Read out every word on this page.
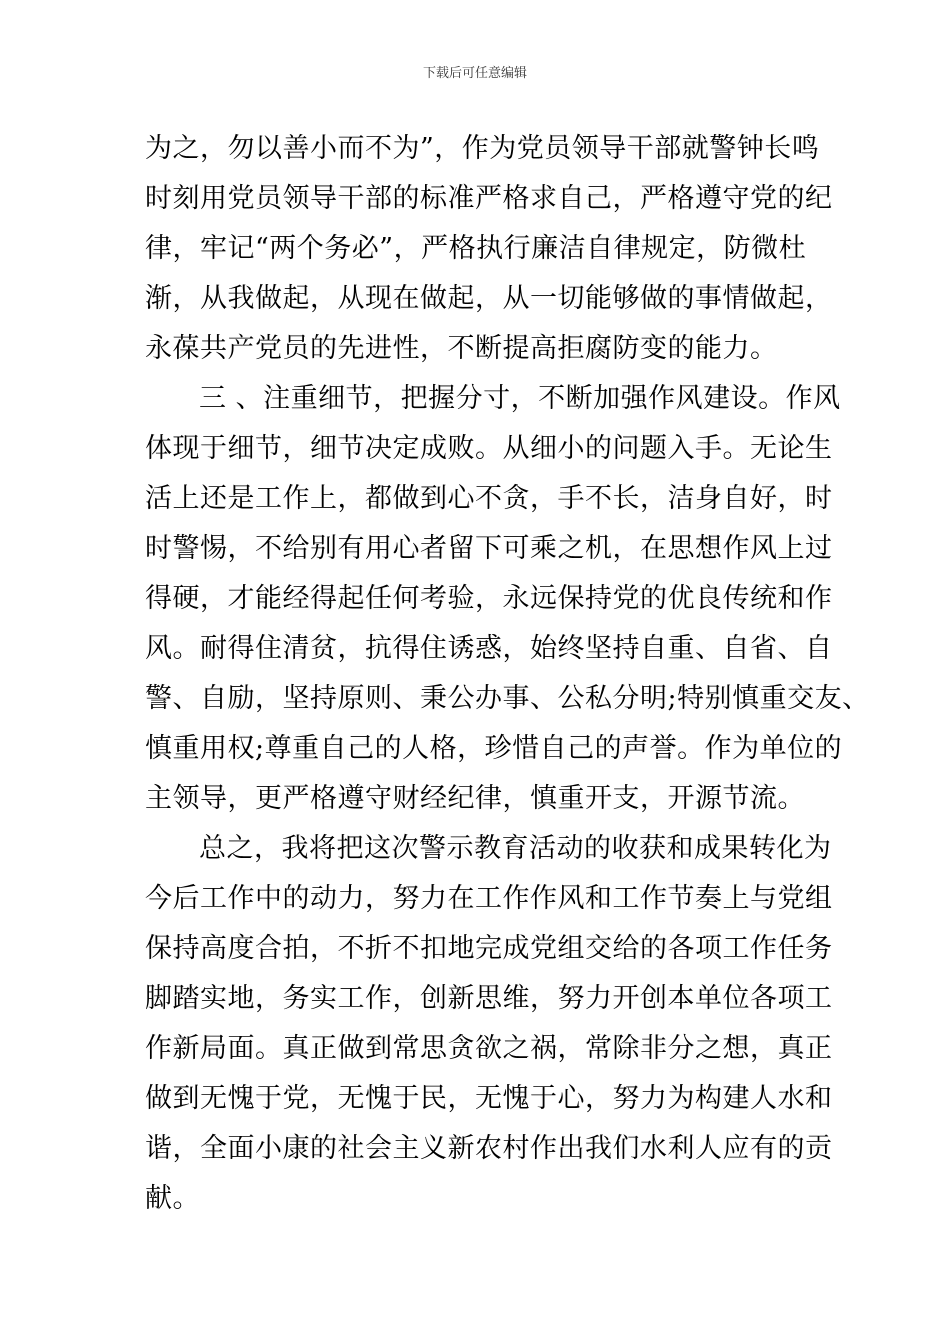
下载后可任意编辑
为之，勿以善小而不为”，作为党员领导干部就警钟长鸣
时刻用党员领导干部的标准严格求自己，严格遵守党的纪
律，牢记“两个务必”，严格执行廉洁自律规定，防微杜
渐，从我做起，从现在做起，从一切能够做的事情做起，
永葆共产党员的先进性，不断提高拒腐防变的能力。
三 、注重细节，把握分寸，不断加强作风建设。作风
体现于细节，细节决定成败。从细小的问题入手。无论生
活上还是工作上，都做到心不贪，手不长，洁身自好，时
时警惕，不给别有用心者留下可乘之机，在思想作风上过
得硬，才能经得起任何考验，永远保持党的优良传统和作
风。耐得住清贫，抗得住诱惑，始终坚持自重、自省、自
警、自励，坚持原则、秉公办事、公私分明;特别慎重交友、
慎重用权;尊重自己的人格，珍惜自己的声誉。作为单位的
主领导，更严格遵守财经纪律，慎重开支，开源节流。
总之，我将把这次警示教育活动的收获和成果转化为
今后工作中的动力，努力在工作作风和工作节奏上与党组
保持高度合拍，不折不扣地完成党组交给的各项工作任务
脚踏实地，务实工作，创新思维，努力开创本单位各项工
作新局面。真正做到常思贪欲之祸，常除非分之想，真正
做到无愧于党，无愧于民，无愧于心，努力为构建人水和
谐，全面小康的社会主义新农村作出我们水利人应有的贡
献。
